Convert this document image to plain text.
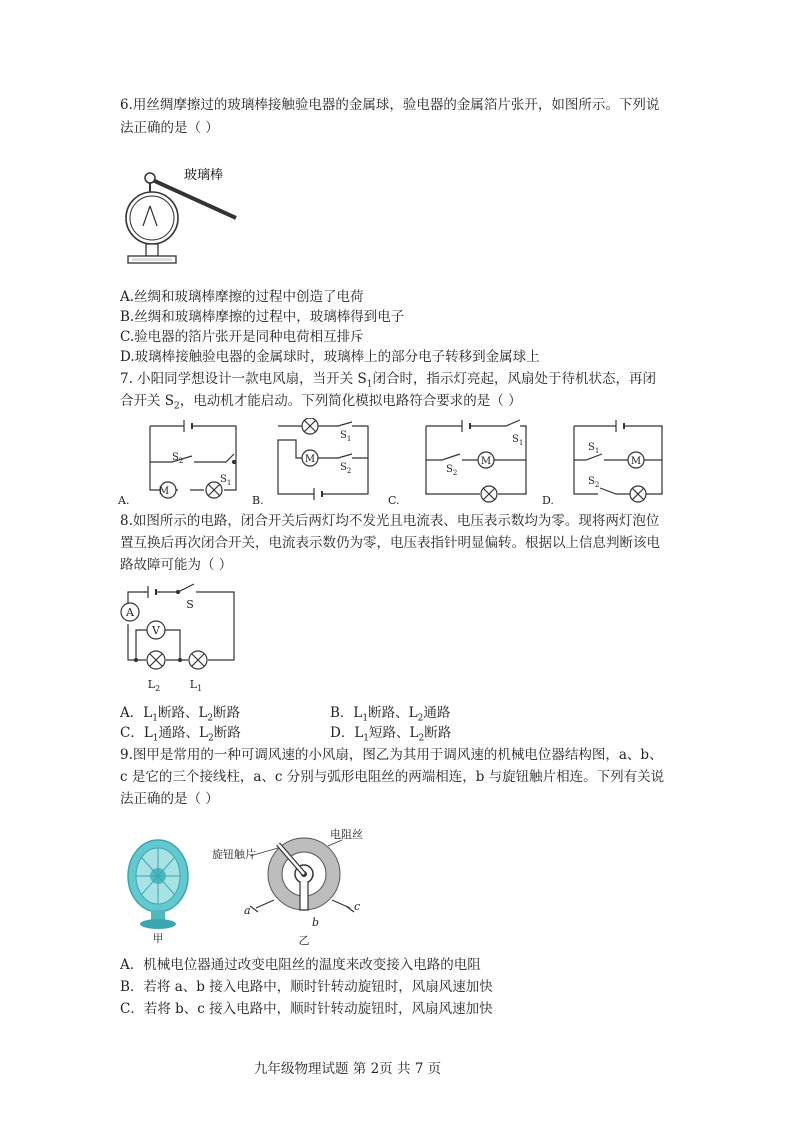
6.用丝绸摩擦过的玻璃棒接触验电器的金属球，验电器的金属箔片张开，如图所示。下列说
法正确的是（ ）
玻璃棒
A.丝绸和玻璃棒摩擦的过程中创造了电荷
B.丝绸和玻璃棒摩擦的过程中，玻璃棒得到电子
C.验电器的箔片张开是同种电荷相互排斥
D.玻璃棒接触验电器的金属球时，玻璃棒上的部分电子转移到金属球上
7. 小阳同学想设计一款电风扇，当开关 $S_1$闭合时，指示灯亮起，风扇处于待机状态，再闭
合开关 $S_2$，电动机才能启动。下列简化模拟电路符合要求的是（ ）
M
$S_2$
$S_1$
M
$S_1$
$S_2$
M
$S_2$
$S_1$
M
$S_1$
$S_2$
A.	B.	C.	D.
8.如图所示的电路，闭合开关后两灯均不发光且电流表、电压表示数均为零。现将两灯泡位
置互换后再次闭合开关，电流表示数仍为零，电压表指针明显偏转。根据以上信息判断该电
路故障可能为（ ）
A
V
S
$L_2$	$L_1$
A．$L_1$断路、$L_2$断路	B．$L_1$断路、$L_2$通路
C．$L_1$通路、$L_2$断路	D．$L_1$短路、$L_2$断路
9.图甲是常用的一种可调风速的小风扇，图乙为其用于调风速的机械电位器结构图，a、b、
c 是它的三个接线柱，a、c 分别与弧形电阻丝的两端相连，b 与旋钮触片相连。下列有关说
法正确的是（ ）
甲	乙
电阻丝
旋钮触片
a
b
c
A．机械电位器通过改变电阻丝的温度来改变接入电路的电阻
B．若将 a、b 接入电路中，顺时针转动旋钮时，风扇风速加快
C．若将 b、c 接入电路中，顺时针转动旋钮时，风扇风速加快
九年级物理试题 第 2页 共 7 页
